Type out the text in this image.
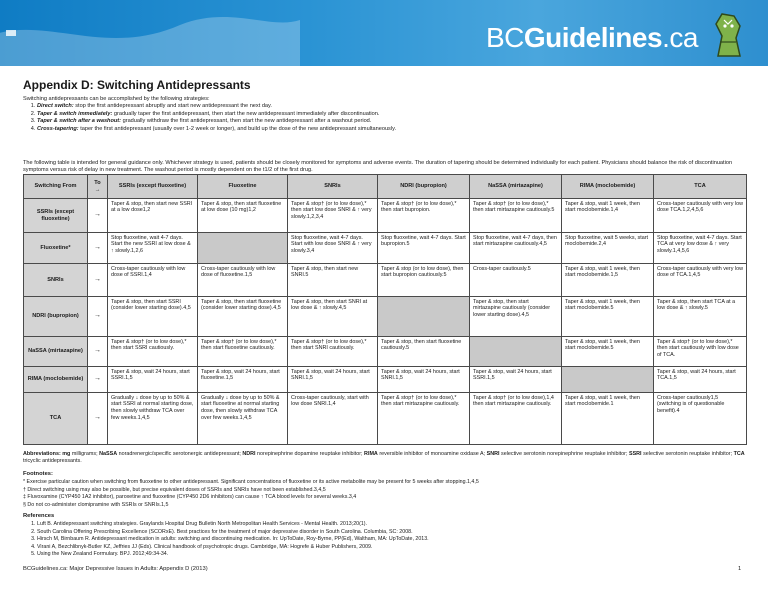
BCGuidelines.ca
Appendix D: Switching Antidepressants
Switching antidepressants can be accomplished by the following strategies:
1. Direct switch: stop the first antidepressant abruptly and start new antidepressant the next day.
2. Taper & switch immediately: gradually taper the first antidepressant, then start the new antidepressant immediately after discontinuation.
3. Taper & switch after a washout: gradually withdraw the first antidepressant, then start the new antidepressant after a washout period.
4. Cross-tapering: taper the first antidepressant (usually over 1-2 week or longer), and build up the dose of the new antidepressant simultaneously.
The following table is intended for general guidance only. Whichever strategy is used, patients should be closely monitored for symptoms and adverse events. The duration of tapering should be determined individually for each patient. Physicians should balance the risk of discontinuation symptoms versus risk of delay in new treatment. The washout period is mostly dependent on the t1/2 of the first drug.
Switching From	To →	SSRIs (except fluoxetine)	Fluoxetine	SNRIs	NDRI (bupropion)	NaSSA (mirtazapine)	RIMA (moclobemide)	TCA
SSRIs (except fluoxetine)	→	Taper & stop, then start new SSRI at a low dose1,2	Taper & stop, then start fluoxetine at low dose (10 mg)1,2	Taper & stop† (or to low dose),* then start low dose SNRI & ↑ very slowly.1,2,3,4	Taper & stop† (or to low dose),* then start bupropion.	Taper & stop† (or to low dose),* then start mirtazapine cautiously.5	Taper & stop, wait 1 week, then start moclobemide.1,4	Cross-taper cautiously with very low dose TCA.1,2,4,5,6
Fluoxetine*	→	Stop fluoxetine, wait 4-7 days. Start the new SSRI at low dose & ↑ slowly.1,2,6		Stop fluoxetine, wait 4-7 days. Start with low dose SNRI & ↑ very slowly.3,4	Stop fluoxetine, wait 4-7 days. Start bupropion.5	Stop fluoxetine, wait 4-7 days, then start mirtazapine cautiously.4,5	Stop fluoxetine, wait 5 weeks, start moclobemide.2,4	Stop fluoxetine, wait 4-7 days. Start TCA at very low dose & ↑ very slowly.1,4,5,6
SNRIs	→	Cross-taper cautiously with low dose of SSRI.1,4	Cross-taper cautiously with low dose of fluoxetine.1,5	Taper & stop, then start new SNRI.5	Taper & stop (or to low dose), then start bupropion cautiously.5	Cross-taper cautiously.5	Taper & stop, wait 1 week, then start moclobemide.1,5	Cross-taper cautiously with very low dose of TCA.1,4,5
NDRI (bupropion)	→	Taper & stop, then start SSRI (consider lower starting dose).4,5	Taper & stop, then start fluoxetine (consider lower starting dose).4,5	Taper & stop, then start SNRI at low dose & ↑ slowly.4,5		Taper & stop, then start mirtazapine cautiously (consider lower starting dose).4,5	Taper & stop, wait 1 week, then start moclobemide.5	Taper & stop, then start TCA at a low dose & ↑ slowly.5
NaSSA (mirtazapine)	→	Taper & stop† (or to low dose),* then start SSRI cautiously.	Taper & stop† (or to low dose),* then start fluoxetine cautiously.	Taper & stop† (or to low dose),* then start SNRI cautiously.	Taper & stop, then start fluoxetine cautiously.5		Taper & stop, wait 1 week, then start moclobemide.5	Taper & stop† (or to low dose),* then start cautiously with low dose of TCA.
RIMA (moclobemide)	→	Taper & stop, wait 24 hours, start SSRI.1,5	Taper & stop, wait 24 hours, start fluoxetine.1,5	Taper & stop, wait 24 hours, start SNRI.1,5	Taper & stop, wait 24 hours, start SNRI.1,5	Taper & stop, wait 24 hours, start SSRI.1,5		Taper & stop, wait 24 hours, start TCA.1,5
TCA	→	Gradually ↓ dose by up to 50% & start SSRI at normal starting dose, then slowly withdraw TCA over few weeks.1,4,5	Gradually ↓ dose by up to 50% & start fluoxetine at normal starting dose, then slowly withdraw TCA over few weeks.1,4,5	Cross-taper cautiously, start with low dose SNRI.1,4	Taper & stop† (or to low dose),* then start mirtazapine cautiously.	Taper & stop† (or to low dose),1,4 then start mirtazapine cautiously.	Taper & stop, wait 1 week, then start moclobemide.1	Cross-taper cautiously1,5 (switching is of questionable benefit).4
Abbreviations: mg milligrams; NaSSA noradrenergic/specific serotonergic antidepressant; NDRI norepinephrine dopamine reuptake inhibitor; RIMA reversible inhibitor of monoamine oxidase A; SNRI selective serotonin norepinephrine reuptake inhibitor; SSRI selective serotonin reuptake inhibitor; TCA tricyclic antidepressants.
Footnotes:
* Exercise particular caution when switching from fluoxetine to other antidepressant. Significant concentrations of fluoxetine or its active metabolite may be present for 5 weeks after stopping.1,4,5
† Direct switching using may also be possible, but precise equivalent doses of SSRIs and SNRIs have not been established.3,4,5
‡ Fluvoxamine (CYP450 1A2 inhibitor), paroxetine and fluoxetine (CYP450 2D6 inhibitors) can cause ↑ TCA blood levels for several weeks.3,4
§ Do not co-administer clomipramine with SSRIs or SNRIs.1,5
References
1. Luft B. Antidepressant switching strategies. Graylands Hospital Drug Bulletin North Metropolitan Health Services - Mental Health. 2013;20(1).
2. South Carolina Offering Prescribing Excellence (SCORxE). Best practices for the treatment of major depressive disorder in South Carolina. Columbia, SC: 2008.
3. Hirsch M, Birnbaum R. Antidepressant medication in adults: switching and discontinuing medication. In: UpToDate, Roy-Byrne, PP(Ed), Waltham, MA: UpToDate, 2013.
4. Virani A, Bezchlibnyk-Butler KZ, Jeffries JJ (Eds). Clinical handbook of psychotropic drugs. Cambridge, MA: Hogrefe & Huber Publishers, 2009.
5. Using the New Zealand Formulary. BPJ. 2012;49:34-34.
BCGuidelines.ca: Major Depressive Issues in Adults: Appendix D (2013)	1
